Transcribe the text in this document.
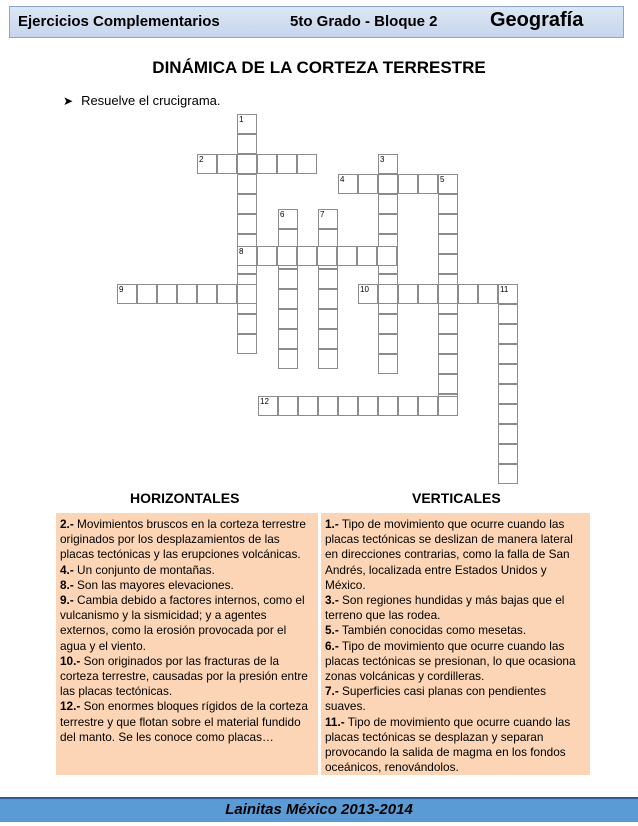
Ejercicios Complementarios	5to Grado - Bloque 2	Geografía
DINÁMICA DE LA CORTEZA TERRESTRE
➤ Resuelve el crucigrama.
1
2	3
4	5
6	7
8
9	10	11
12
HORIZONTALES	VERTICALES

2.- Movimientos bruscos en la corteza terrestre originados por los desplazamientos de las placas tectónicas y las erupciones volcánicas.

4.- Un conjunto de montañas.

8.- Son las mayores elevaciones.

9.- Cambia debido a factores internos, como el vulcanismo y la sismicidad; y a agentes externos, como la erosión provocada por el agua y el viento.

10.- Son originados por las fracturas de la corteza terrestre, causadas por la presión entre las placas tectónicas.

12.- Son enormes bloques rígidos de la corteza terrestre y que flotan sobre el material fundido del manto. Se les conoce como placas…

1.- Tipo de movimiento que ocurre cuando las placas tectónicas se deslizan de manera lateral en direcciones contrarias, como la falla de San Andrés, localizada entre Estados Unidos y México.

3.- Son regiones hundidas y más bajas que el terreno que las rodea.

5.- También conocidas como mesetas.

6.- Tipo de movimiento que ocurre cuando las placas tectónicas se presionan, lo que ocasiona zonas volcánicas y cordilleras.

7.- Superficies casi planas con pendientes suaves.

11.- Tipo de movimiento que ocurre cuando las placas tectónicas se desplazan y separan provocando la salida de magma en los fondos oceánicos, renovándolos.

Lainitas México 2013-2014
